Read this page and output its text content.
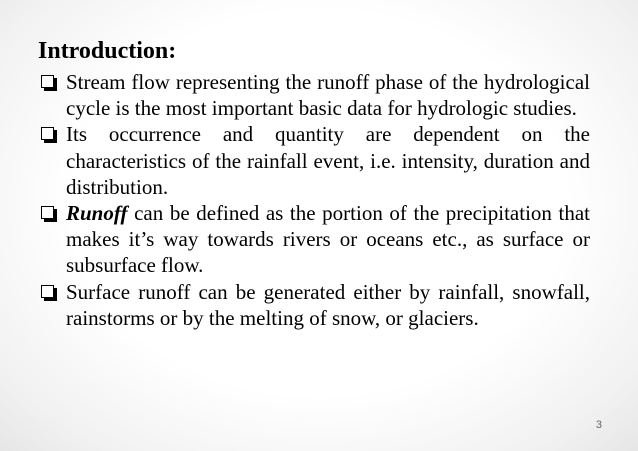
Introduction:
Stream flow representing the runoff phase of the hydrological cycle is the most important basic data for hydrologic studies.
Its occurrence and quantity are dependent on the characteristics of the rainfall event, i.e. intensity, duration and distribution.
Runoff can be defined as the portion of the precipitation that makes it’s way towards rivers or oceans etc., as surface or subsurface flow.
Surface runoff can be generated either by rainfall, snowfall, rainstorms or by the melting of snow, or glaciers.
3
